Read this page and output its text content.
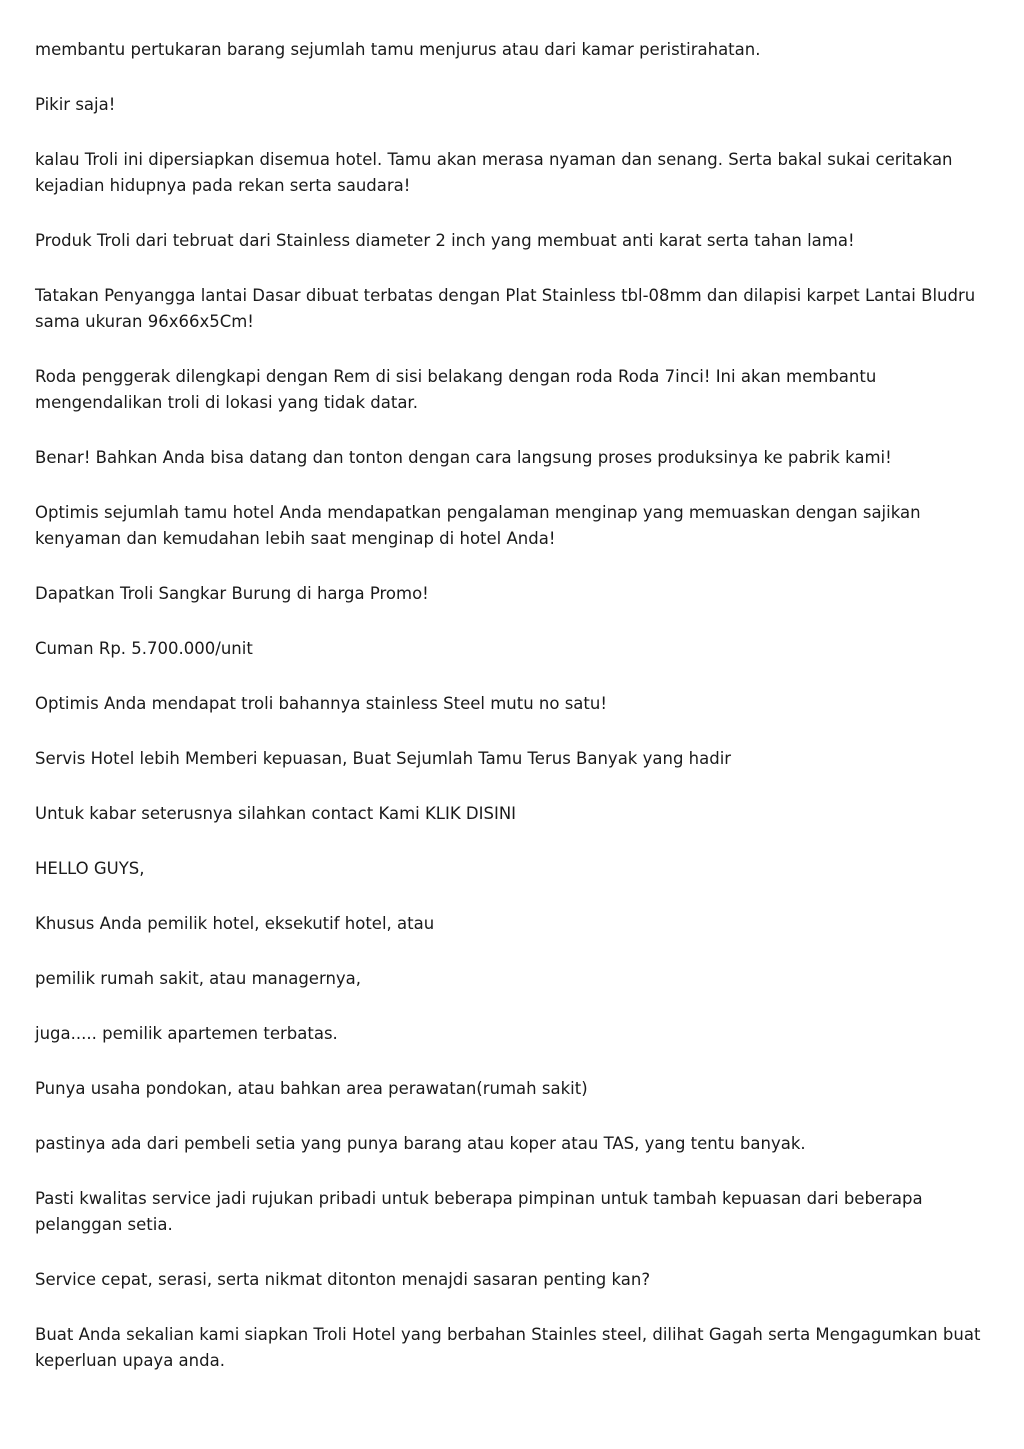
membantu pertukaran barang sejumlah tamu menjurus atau dari kamar peristirahatan.

Pikir saja!

kalau Troli ini dipersiapkan disemua hotel. Tamu akan merasa nyaman dan senang. Serta bakal sukai ceritakan kejadian hidupnya pada rekan serta saudara!

Produk Troli dari tebruat dari Stainless diameter 2 inch yang membuat anti karat serta tahan lama!

Tatakan Penyangga lantai Dasar dibuat terbatas dengan Plat Stainless tbl-08mm dan dilapisi karpet Lantai Bludru sama ukuran 96x66x5Cm!

Roda penggerak dilengkapi dengan Rem di sisi belakang dengan roda Roda 7inci! Ini akan membantu mengendalikan troli di lokasi yang tidak datar.

Benar! Bahkan Anda bisa datang dan tonton dengan cara langsung proses produksinya ke pabrik kami!

Optimis sejumlah tamu hotel Anda mendapatkan pengalaman menginap yang memuaskan dengan sajikan kenyaman dan kemudahan lebih saat menginap di hotel Anda!

Dapatkan Troli Sangkar Burung di harga Promo!

Cuman Rp. 5.700.000/unit

Optimis Anda mendapat troli bahannya stainless Steel mutu no satu!

Servis Hotel lebih Memberi kepuasan, Buat Sejumlah Tamu Terus Banyak yang hadir

Untuk kabar seterusnya silahkan contact Kami KLIK DISINI

HELLO GUYS,

Khusus Anda pemilik hotel, eksekutif hotel, atau

pemilik rumah sakit, atau managernya,

juga..... pemilik apartemen terbatas.

Punya usaha pondokan, atau bahkan area perawatan(rumah sakit)

pastinya ada dari pembeli setia yang punya barang atau koper atau TAS, yang tentu banyak.

Pasti kwalitas service jadi rujukan pribadi untuk beberapa pimpinan untuk tambah kepuasan dari beberapa pelanggan setia.

Service cepat, serasi, serta nikmat ditonton menajdi sasaran penting kan?

Buat Anda sekalian kami siapkan Troli Hotel yang berbahan Stainles steel, dilihat Gagah serta Mengagumkan buat keperluan upaya anda.
